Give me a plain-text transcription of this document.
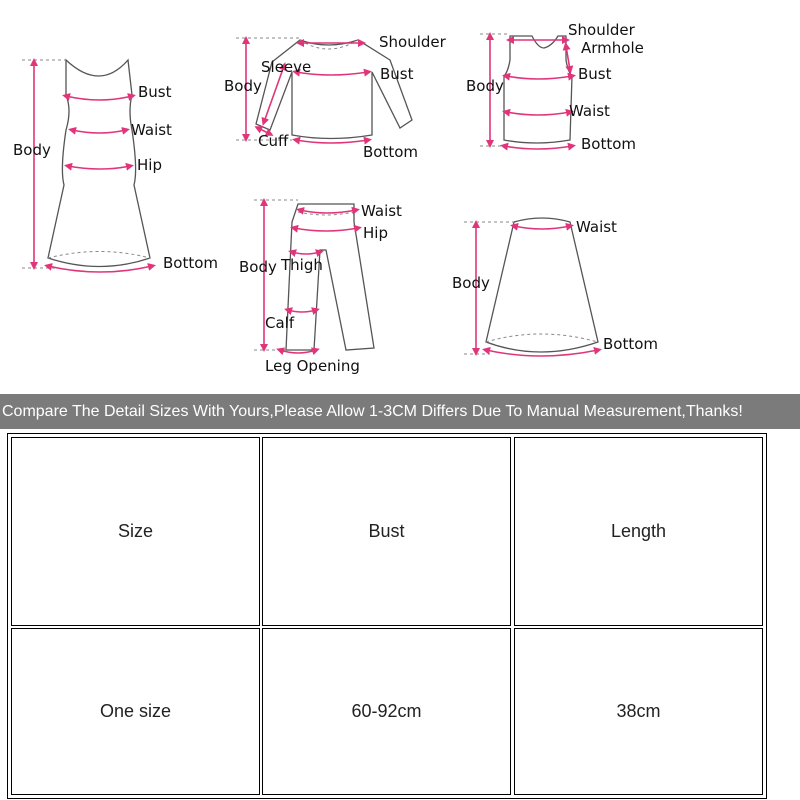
Bust
Waist
Hip
Body
Bottom
Shoulder
Sleeve	Bust
Body
Cuff
Bottom
Shoulder
Armhole
Bust
Body
Waist
Bottom
Waist
Hip
Body Thigh
Calf
Leg Opening
Waist
Body
Bottom
Compare The Detail Sizes With Yours,Please Allow 1-3CM Differs Due To Manual Measurement,Thanks!
Size	Bust	Length
One size	60-92cm	38cm
